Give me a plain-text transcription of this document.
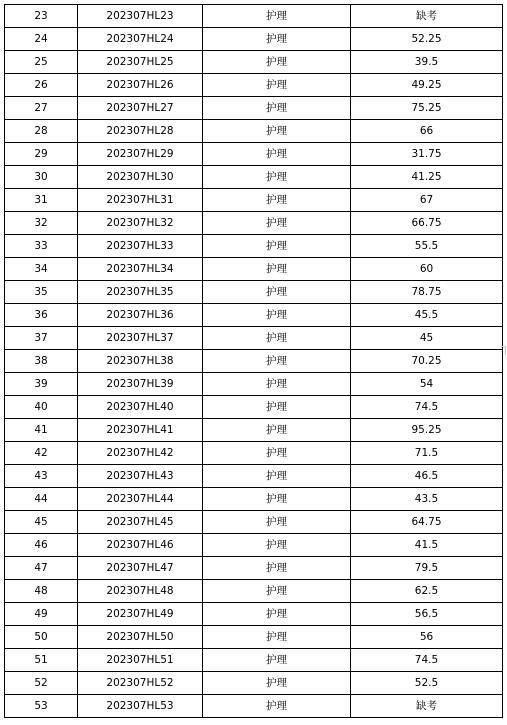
23	202307HL23	护理	缺考
24	202307HL24	护理	52.25
25	202307HL25	护理	39.5
26	202307HL26	护理	49.25
27	202307HL27	护理	75.25
28	202307HL28	护理	66
29	202307HL29	护理	31.75
30	202307HL30	护理	41.25
31	202307HL31	护理	67
32	202307HL32	护理	66.75
33	202307HL33	护理	55.5
34	202307HL34	护理	60
35	202307HL35	护理	78.75
36	202307HL36	护理	45.5
37	202307HL37	护理	45
38	202307HL38	护理	70.25
39	202307HL39	护理	54
40	202307HL40	护理	74.5
41	202307HL41	护理	95.25
42	202307HL42	护理	71.5
43	202307HL43	护理	46.5
44	202307HL44	护理	43.5
45	202307HL45	护理	64.75
46	202307HL46	护理	41.5
47	202307HL47	护理	79.5
48	202307HL48	护理	62.5
49	202307HL49	护理	56.5
50	202307HL50	护理	56
51	202307HL51	护理	74.5
52	202307HL52	护理	52.5
53	202307HL53	护理	缺考
